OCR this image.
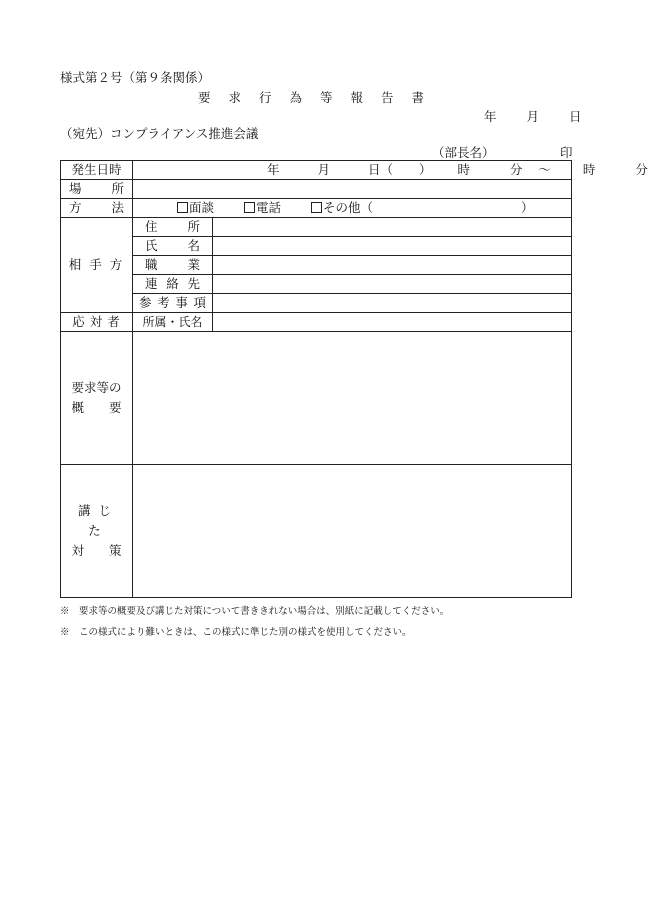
様式第２号（第９条関係）
要求行為等報告書
年 月 日
（宛先）コンプライアンス推進会議
（部長名）	印
発生日時	年 月 日（ ） 時 分 ～ 時 分	
場所		
方法	面談 電話 その他（ ）	
相手方	住所	
	氏名	
	職業	
	連絡先	
	参考事項	
応対者	所属・氏名	

要求等の
概　　要		

講じた
対　　策		

※　要求等の概要及び講じた対策について書ききれない場合は、別紙に記載してください。
※　この様式により難いときは、この様式に準じた別の様式を使用してください。
